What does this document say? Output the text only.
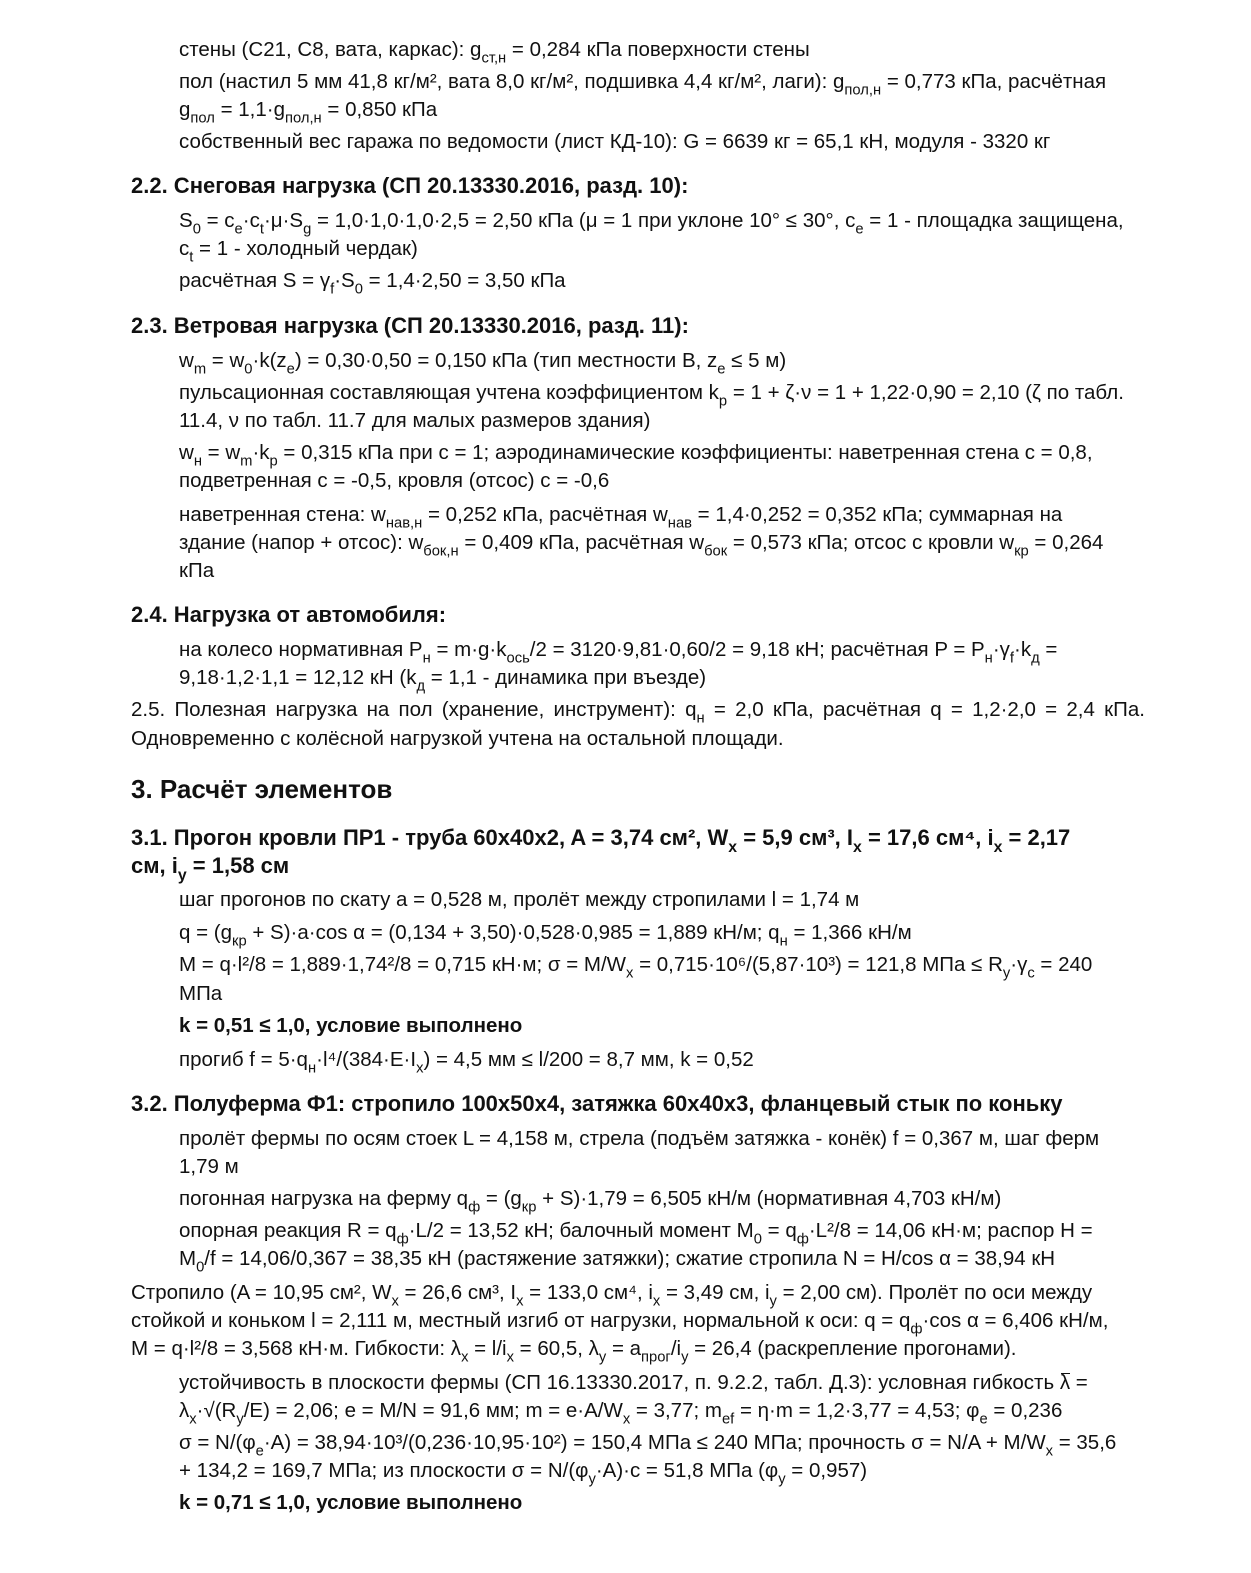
стены (C21, C8, вата, каркас): $g_{ст,н} = 0,284$ кПа поверхности стены
пол (настил 5 мм 41,8 кг/м², вата 8,0 кг/м², подшивка 4,4 кг/м², лаги): $g_{пол,н} = 0,773$ кПа, расчётная
$g_{пол} = 1,1\cdot g_{пол,н} = 0,850$ кПа
собственный вес гаража по ведомости (лист КД-10): G = 6639 кг = 65,1 кН, модуля - 3320 кг
2.2. Снеговая нагрузка (СП 20.13330.2016, разд. 10):
$S_0 = c_e\cdot c_t\cdot\mu\cdot S_g = 1,0\cdot 1,0\cdot 1,0\cdot 2,5 = 2,50$ кПа (μ = 1 при уклоне 10° ≤ 30°, $c_e = 1$ - площадка защищена,
$c_t = 1$ - холодный чердак)
расчётная $S = \gamma_f\cdot S_0 = 1,4\cdot 2,50 = 3,50$ кПа
2.3. Ветровая нагрузка (СП 20.13330.2016, разд. 11):
$w_m = w_0\cdot k(z_e) = 0,30\cdot 0,50 = 0,150$ кПа (тип местности B, $z_e \le 5$ м)
пульсационная составляющая учтена коэффициентом $k_p = 1 + \zeta\cdot\nu = 1 + 1,22\cdot 0,90 = 2,10$ (ζ по табл.
11.4, ν по табл. 11.7 для малых размеров здания)
$w_н = w_m\cdot k_p = 0,315$ кПа при c = 1; аэродинамические коэффициенты: наветренная стена c = 0,8,
подветренная c = -0,5, кровля (отсос) c = -0,6
наветренная стена: $w_{нав,н} = 0,252$ кПа, расчётная $w_{нав} = 1,4\cdot 0,252 = 0,352$ кПа; суммарная на
здание (напор + отсос): $w_{бок,н} = 0,409$ кПа, расчётная $w_{бок} = 0,573$ кПа; отсос с кровли $w_{кр} = 0,264$
кПа
2.4. Нагрузка от автомобиля:
на колесо нормативная $P_н = m\cdot g\cdot k_{ось}/2 = 3120\cdot 9,81\cdot 0,60/2 = 9,18$ кН; расчётная $P = P_н\cdot\gamma_f\cdot k_д$ =
9,18·1,2·1,1 = 12,12 кН ($k_д = 1,1$ - динамика при въезде)
2.5. Полезная нагрузка на пол (хранение, инструмент): $q_н = 2,0$ кПа, расчётная q = 1,2·2,0 = 2,4 кПа.
Одновременно с колёсной нагрузкой учтена на остальной площади.
3. Расчёт элементов
3.1. Прогон кровли ПР1 - труба 60x40x2, A = 3,74 см², $W_x = 5,9$ см³, $I_x = 17,6$ см⁴, $i_x = 2,17$
см, $i_y = 1,58$ см
шаг прогонов по скату a = 0,528 м, пролёт между стропилами l = 1,74 м
$q = (g_{кр} + S)\cdot a\cdot\cos$ α = (0,134 + 3,50)·0,528·0,985 = 1,889 кН/м; $q_н = 1,366$ кН/м
M = q·l²/8 = 1,889·1,74²/8 = 0,715 кН·м; $\sigma = M/W_x = 0,715\cdot 10^6/(5,87\cdot 10^3) = 121,8$ МПа ≤ $R_y\cdot\gamma_c = 240$
МПа
k = 0,51 ≤ 1,0, условие выполнено
прогиб $f = 5\cdot q_н\cdot l^4/(384\cdot E\cdot I_x) = 4,5$ мм ≤ l/200 = 8,7 мм, k = 0,52
3.2. Полуферма Ф1: стропило 100x50x4, затяжка 60x40x3, фланцевый стык по коньку
пролёт фермы по осям стоек L = 4,158 м, стрела (подъём затяжка - конёк) f = 0,367 м, шаг ферм
1,79 м
погонная нагрузка на ферму $q_ф = (g_{кр} + S)\cdot 1,79 = 6,505$ кН/м (нормативная 4,703 кН/м)
опорная реакция $R = q_ф\cdot L/2 = 13,52$ кН; балочный момент $M_0 = q_ф\cdot L^2/8 = 14,06$ кН·м; распор H =
$M_0/f = 14,06/0,367 = 38,35$ кН (растяжение затяжки); сжатие стропила N = H/cos α = 38,94 кН
Стропило (A = 10,95 см², $W_x = 26,6$ см³, $I_x = 133,0$ см⁴, $i_x = 3,49$ см, $i_y = 2,00$ см). Пролёт по оси между
стойкой и коньком l = 2,111 м, местный изгиб от нагрузки, нормальной к оси: $q = q_ф\cdot\cos$ α = 6,406 кН/м,
M = q·l²/8 = 3,568 кН·м. Гибкости: $\lambda_x = l/i_x = 60,5$, $\lambda_y = a_{прог}/i_y = 26,4$ (раскрепление прогонами).
устойчивость в плоскости фермы (СП 16.13330.2017, п. 9.2.2, табл. Д.3): условная гибкость λ =
$\lambda_x\cdot√(R_y/E) = 2,06$; e = M/N = 91,6 мм; $m = e\cdot A/W_x = 3,77$; $m_{ef} = \eta\cdot m = 1,2\cdot 3,77 = 4,53$; $\varphi_e = 0,236$
$\sigma = N/(\varphi_e\cdot A) = 38,94\cdot 10^3/(0,236\cdot 10,95\cdot 10^2) = 150,4$ МПа ≤ 240 МПа; прочность $\sigma = N/A + M/W_x = 35,6$
+ 134,2 = 169,7 МПа; из плоскости $\sigma = N/(\varphi_y\cdot A)\cdot c = 51,8$ МПа $(\varphi_y = 0,957)$
k = 0,71 ≤ 1,0, условие выполнено
